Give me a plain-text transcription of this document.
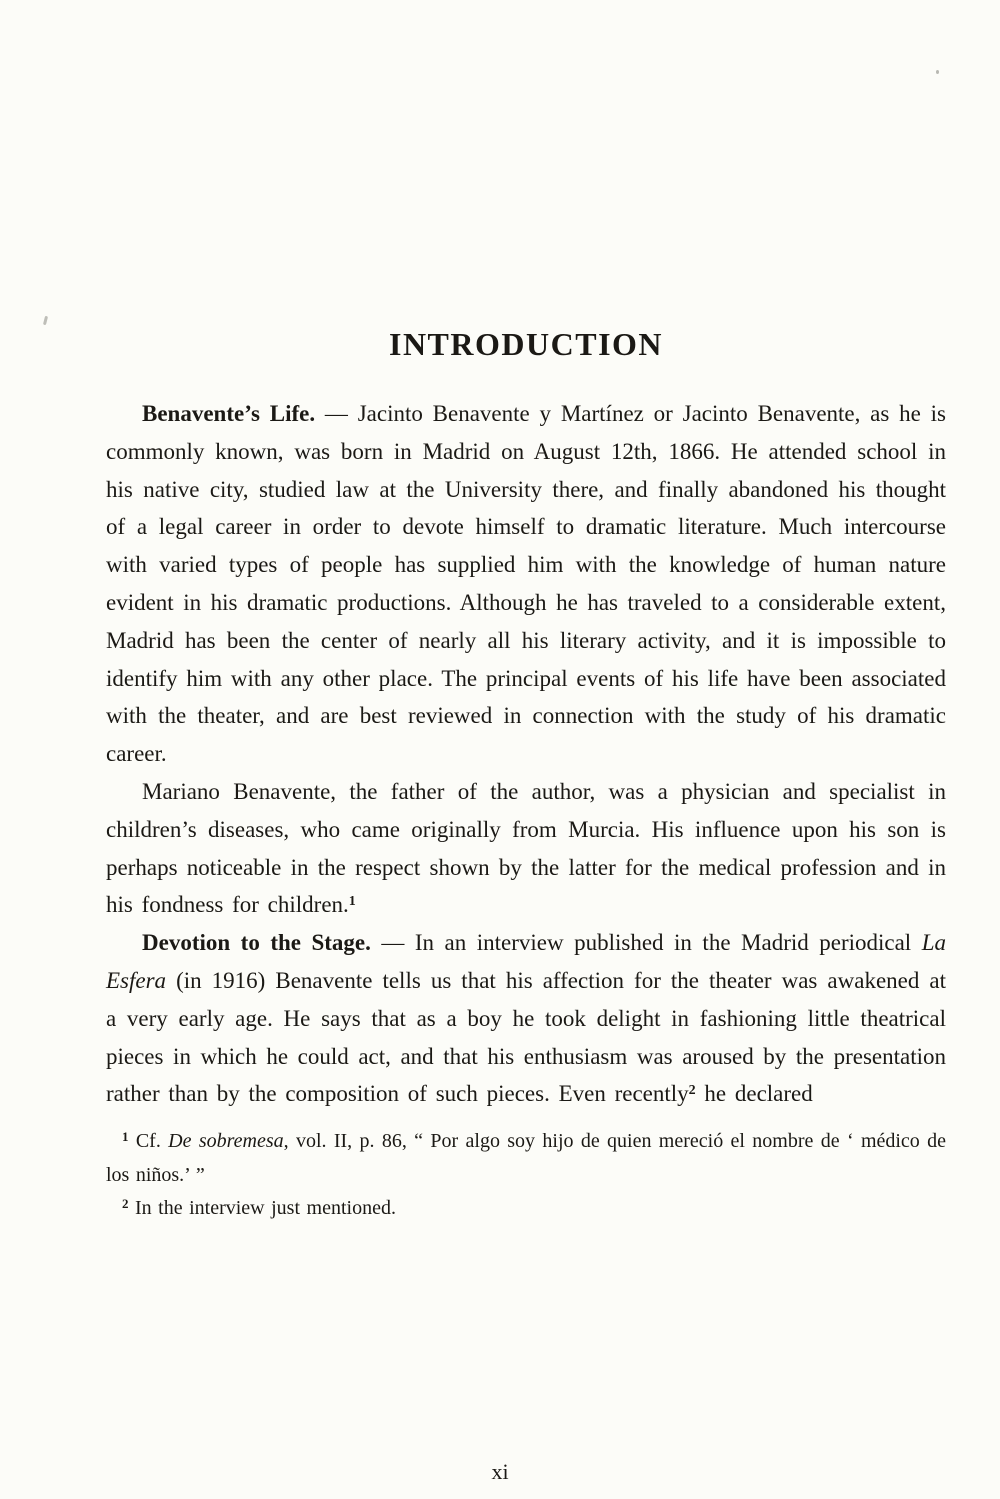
INTRODUCTION

Benavente’s Life. — Jacinto Benavente y Martínez or Jacinto Benavente, as he is commonly known, was born in Madrid on August 12th, 1866. He attended school in his native city, studied law at the University there, and finally abandoned his thought of a legal career in order to devote himself to dramatic literature. Much intercourse with varied types of people has supplied him with the knowledge of human nature evident in his dramatic productions. Although he has traveled to a considerable extent, Madrid has been the center of nearly all his literary activity, and it is impossible to identify him with any other place. The principal events of his life have been associated with the theater, and are best reviewed in connection with the study of his dramatic career.

Mariano Benavente, the father of the author, was a physician and specialist in children’s diseases, who came originally from Murcia. His influence upon his son is perhaps noticeable in the respect shown by the latter for the medical profession and in his fondness for children.$^1$

Devotion to the Stage. — In an interview published in the Madrid periodical La Esfera (in 1916) Benavente tells us that his affection for the theater was awakened at a very early age. He says that as a boy he took delight in fashioning little theatrical pieces in which he could act, and that his enthusiasm was aroused by the presentation rather than by the composition of such pieces. Even recently$^2$ he declared

$^1$ Cf. De sobremesa, vol. II, p. 86, “ Por algo soy hijo de quien mereció el nombre de ‘ médico de los niños.’ ”

$^2$ In the interview just mentioned.

xi
